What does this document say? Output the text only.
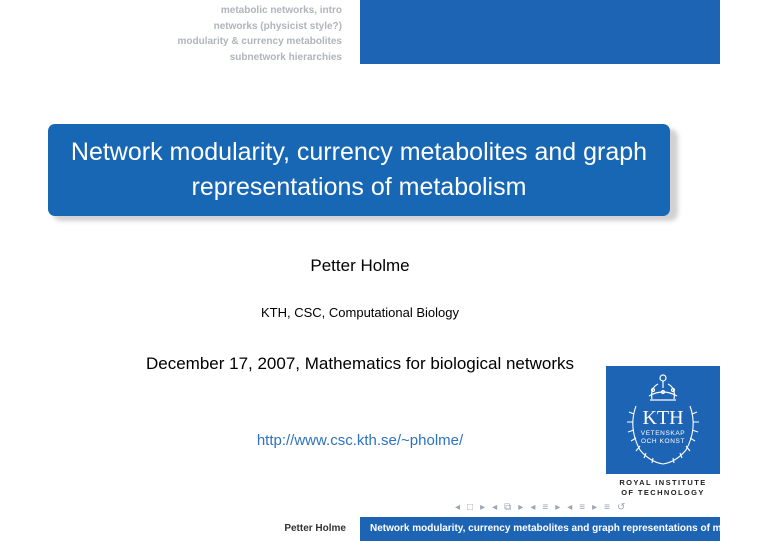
metabolic networks, intro
networks (physicist style?)
modularity & currency metabolites
subnetwork hierarchies
Network modularity, currency metabolites and graph representations of metabolism
Petter Holme
KTH, CSC, Computational Biology
December 17, 2007, Mathematics for biological networks
http://www.csc.kth.se/~pholme/
KTH
VETENSKAP
OCH KONST
ROYAL INSTITUTE
OF TECHNOLOGY
◂ □ ▸ ◂ ⧉ ▸ ◂ ≡ ▸ ◂ ≡ ▸ ≡ ↺
Petter Holme	Network modularity, currency metabolites and graph representations of metabolism
